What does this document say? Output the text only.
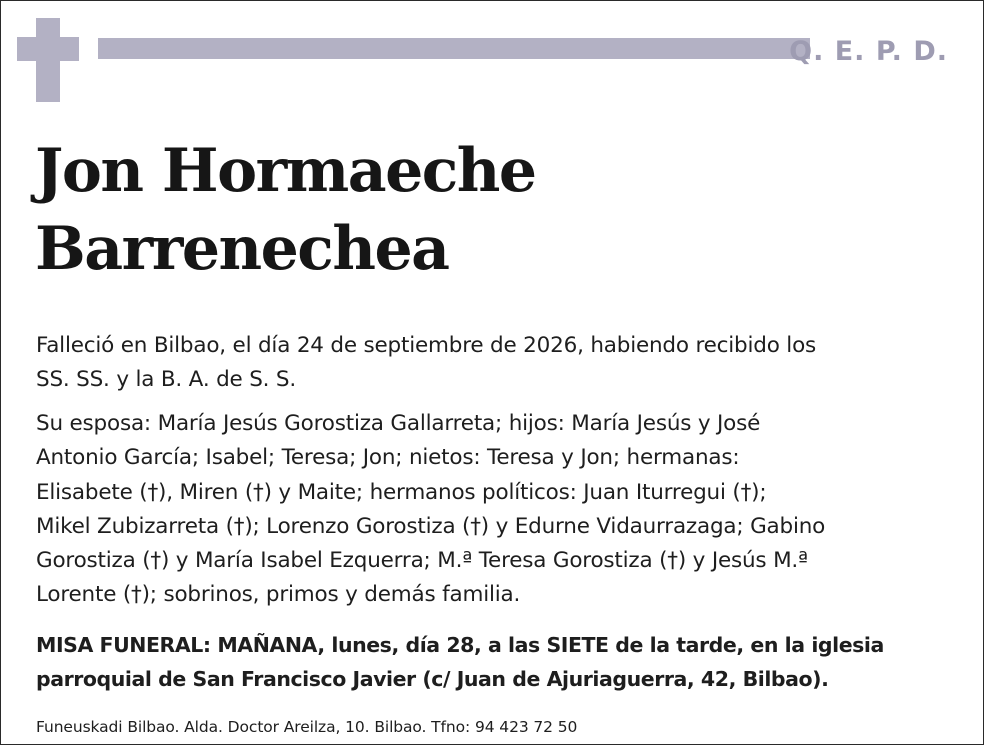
Q. E. P. D.
Jon Hormaeche
Barrenechea

Falleció en Bilbao, el día 24 de septiembre de 2026, habiendo recibido los
SS. SS. y la B. A. de S. S.

Su esposa: María Jesús Gorostiza Gallarreta; hijos: María Jesús y José
Antonio García; Isabel; Teresa; Jon; nietos: Teresa y Jon; hermanas:
Elisabete (†), Miren (†) y Maite; hermanos políticos: Juan Iturregui (†);
Mikel Zubizarreta (†); Lorenzo Gorostiza (†) y Edurne Vidaurrazaga; Gabino
Gorostiza (†) y María Isabel Ezquerra; M.ª Teresa Gorostiza (†) y Jesús M.ª
Lorente (†); sobrinos, primos y demás familia.

MISA FUNERAL: MAÑANA, lunes, día 28, a las SIETE de la tarde, en la iglesia
parroquial de San Francisco Javier (c/ Juan de Ajuriaguerra, 42, Bilbao).

Funeuskadi Bilbao. Alda. Doctor Areilza, 10. Bilbao. Tfno: 94 423 72 50
